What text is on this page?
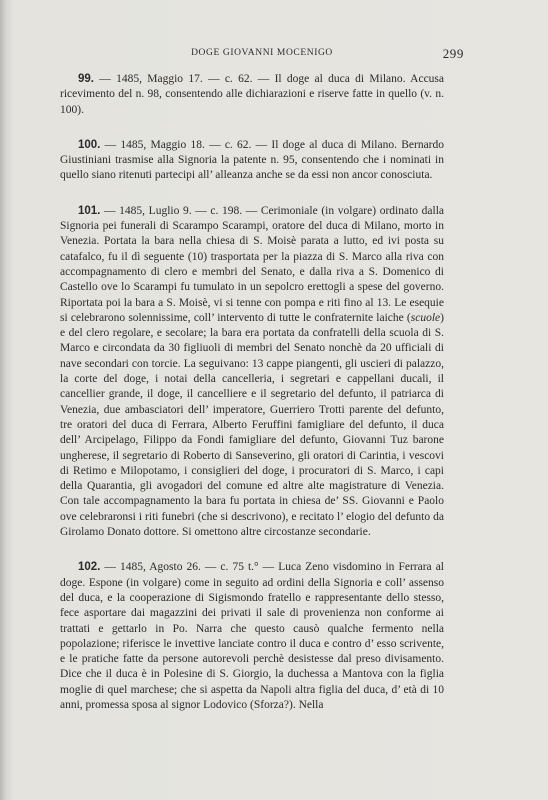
DOGE GIOVANNI MOCENIGO	299

99. — 1485, Maggio 17. — c. 62. — Il doge al duca di Milano. Accusa ricevimento del n. 98, consentendo alle dichiarazioni e riserve fatte in quello (v. n. 100).

100. — 1485, Maggio 18. — c. 62. — Il doge al duca di Milano. Bernardo Giustiniani trasmise alla Signoria la patente n. 95, consentendo che i nominati in quello siano ritenuti partecipi all’ alleanza anche se da essi non ancor conosciuta.

101. — 1485, Luglio 9. — c. 198. — Cerimoniale (in volgare) ordinato dalla Signoria pei funerali di Scarampo Scarampi, oratore del duca di Milano, morto in Venezia. Portata la bara nella chiesa di S. Moisè parata a lutto, ed ivi posta su catafalco, fu il dì seguente (10) trasportata per la piazza di S. Marco alla riva con accompagnamento di clero e membri del Senato, e dalla riva a S. Domenico di Castello ove lo Scarampi fu tumulato in un sepolcro erettogli a spese del governo. Riportata poi la bara a S. Moisè, vi si tenne con pompa e riti fino al 13. Le esequie si celebrarono solennissime, coll’ intervento di tutte le confraternite laiche (scuole) e del clero regolare, e secolare; la bara era portata da confratelli della scuola di S. Marco e circondata da 30 figliuoli di membri del Senato nonchè da 20 ufficiali di nave secondari con torcie. La seguivano: 13 cappe piangenti, gli uscieri di palazzo, la corte del doge, i notai della cancelleria, i segretari e cappellani ducali, il cancellier grande, il doge, il cancelliere e il segretario del defunto, il patriarca di Venezia, due ambasciatori dell’ imperatore, Guerriero Trotti parente del defunto, tre oratori del duca di Ferrara, Alberto Feruffini famigliare del defunto, il duca dell’ Arcipelago, Filippo da Fondi famigliare del defunto, Giovanni Tuz barone ungherese, il segretario di Roberto di Sanseverino, gli oratori di Carintia, i vescovi di Retimo e Milopotamo, i consiglieri del doge, i procuratori di S. Marco, i capi della Quarantia, gli avogadori del comune ed altre alte magistrature di Venezia. Con tale accompagnamento la bara fu portata in chiesa de’ SS. Giovanni e Paolo ove celebraronsi i riti funebri (che si descrivono), e recitato l’ elogio del defunto da Girolamo Donato dottore. Si omettono altre circostanze secondarie.

102. — 1485, Agosto 26. — c. 75 t.° — Luca Zeno visdomino in Ferrara al doge. Espone (in volgare) come in seguito ad ordini della Signoria e coll’ assenso del duca, e la cooperazione di Sigismondo fratello e rappresentante dello stesso, fece asportare dai magazzini dei privati il sale di provenienza non conforme ai trattati e gettarlo in Po. Narra che questo causò qualche fermento nella popolazione; riferisce le invettive lanciate contro il duca e contro d’ esso scrivente, e le pratiche fatte da persone autorevoli perchè desistesse dal preso divisamento. Dice che il duca è in Polesine di S. Giorgio, la duchessa a Mantova con la figlia moglie di quel marchese; che si aspetta da Napoli altra figlia del duca, d’ età di 10 anni, promessa sposa al signor Lodovico (Sforza?). Nella
